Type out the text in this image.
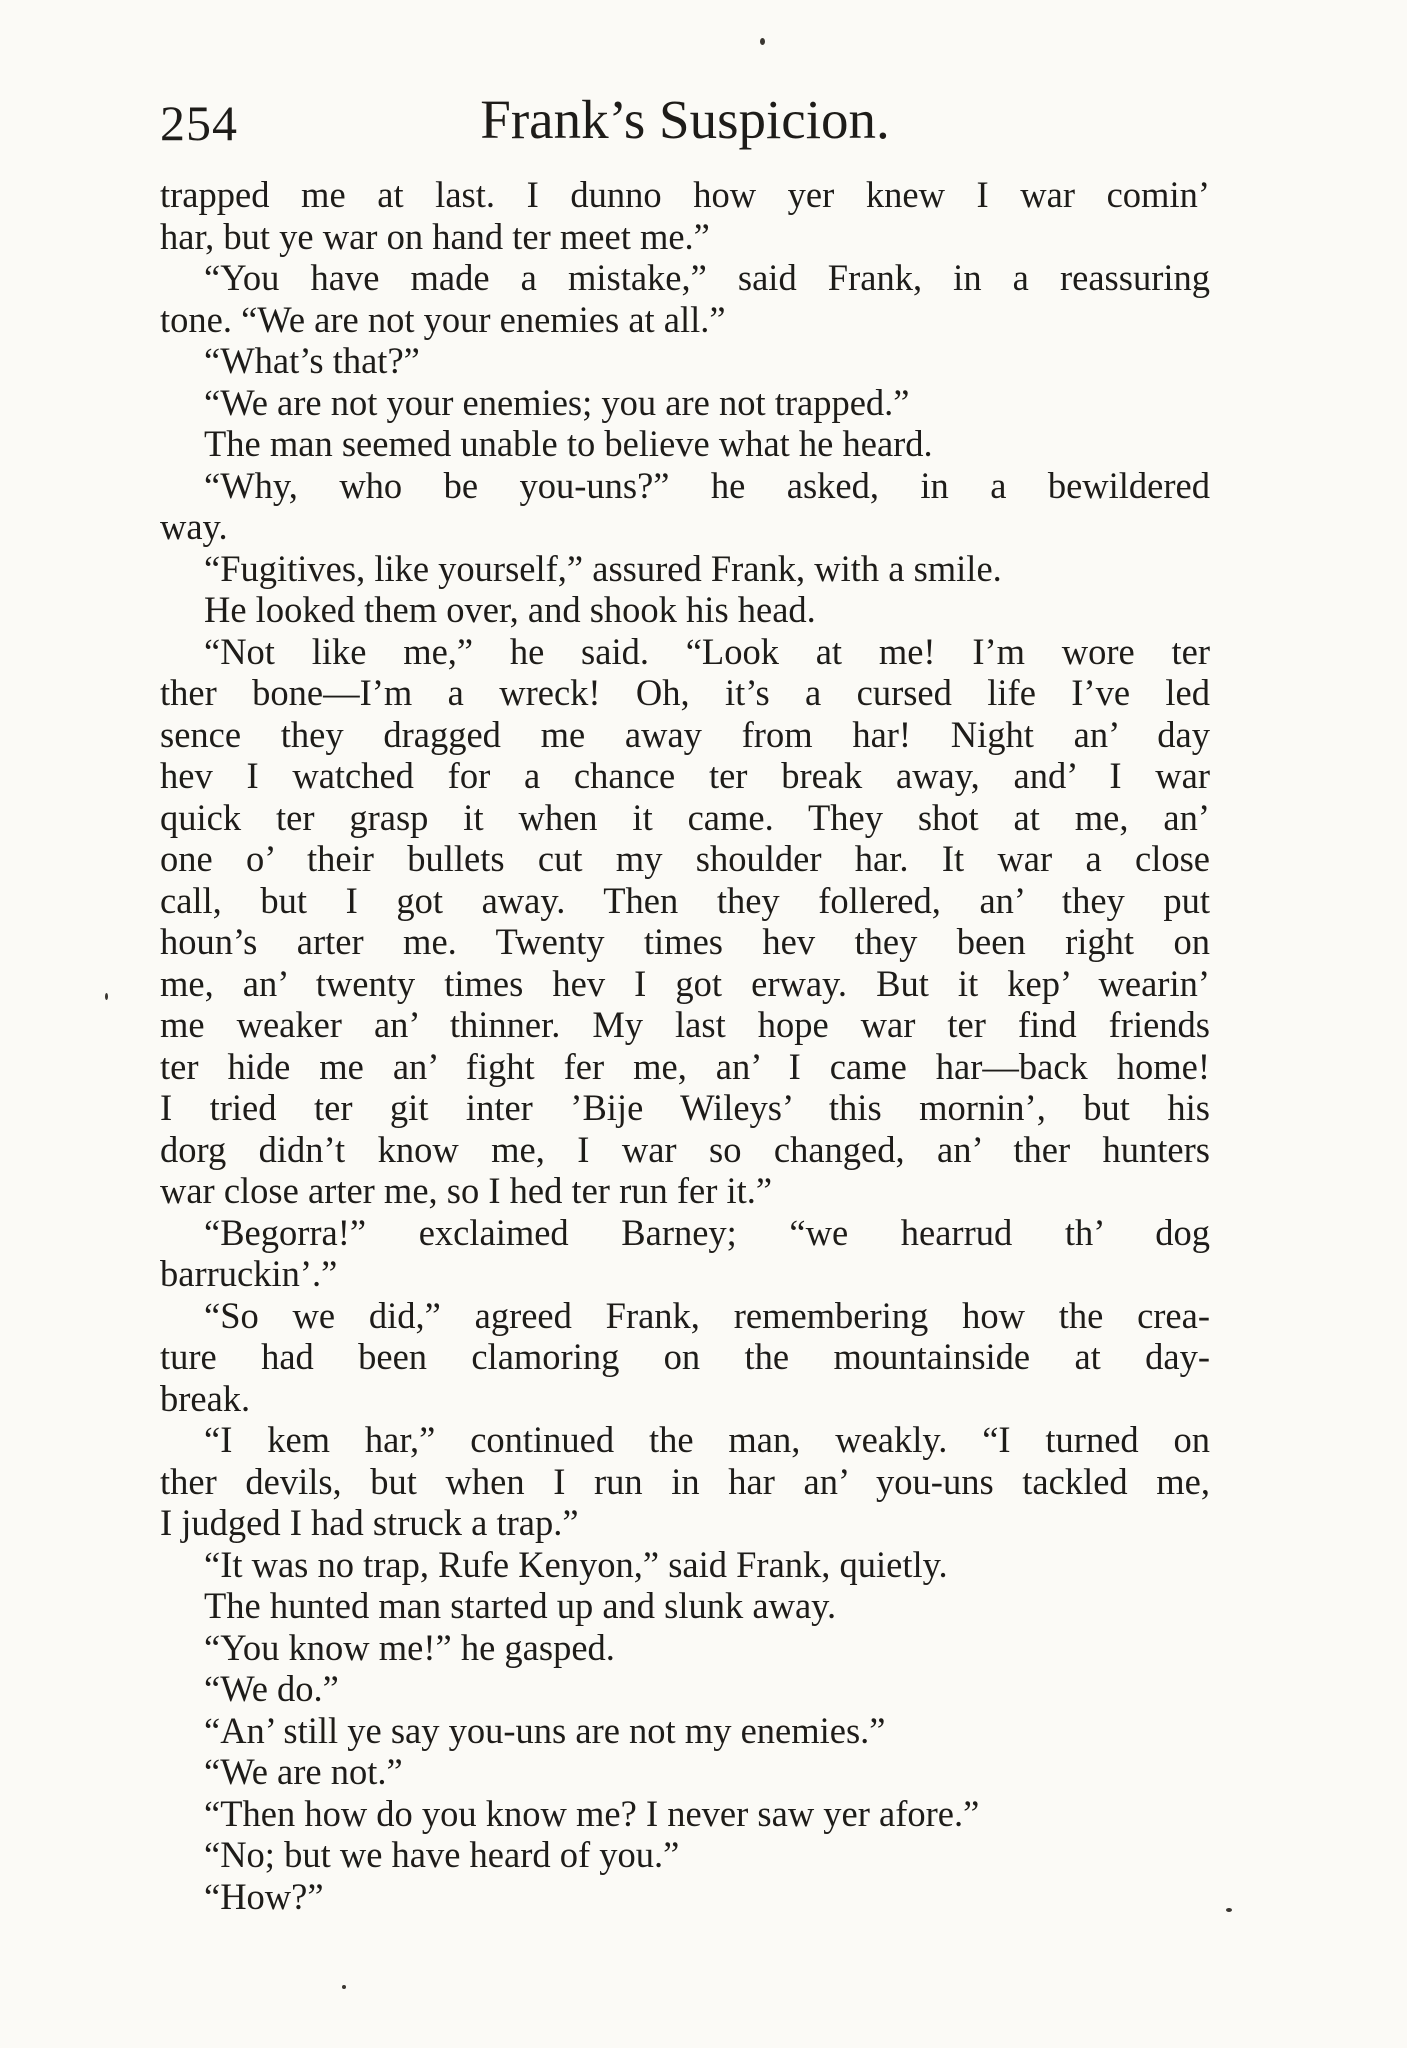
254	Frank’s Suspicion.
trapped me at last. I dunno how yer knew I war comin’
har, but ye war on hand ter meet me.”
“You have made a mistake,” said Frank, in a reassuring
tone. “We are not your enemies at all.”
“What’s that?”
“We are not your enemies; you are not trapped.”
The man seemed unable to believe what he heard.
“Why, who be you-uns?” he asked, in a bewildered
way.
“Fugitives, like yourself,” assured Frank, with a smile.
He looked them over, and shook his head.
“Not like me,” he said. “Look at me! I’m wore ter
ther bone—I’m a wreck! Oh, it’s a cursed life I’ve led
sence they dragged me away from har! Night an’ day
hev I watched for a chance ter break away, and’ I war
quick ter grasp it when it came. They shot at me, an’
one o’ their bullets cut my shoulder har. It war a close
call, but I got away. Then they follered, an’ they put
houn’s arter me. Twenty times hev they been right on
me, an’ twenty times hev I got erway. But it kep’ wearin’
me weaker an’ thinner. My last hope war ter find friends
ter hide me an’ fight fer me, an’ I came har—back home!
I tried ter git inter ’Bije Wileys’ this mornin’, but his
dorg didn’t know me, I war so changed, an’ ther hunters
war close arter me, so I hed ter run fer it.”
“Begorra!” exclaimed Barney; “we hearrud th’ dog
barruckin’.”
“So we did,” agreed Frank, remembering how the crea-
ture had been clamoring on the mountainside at day-
break.
“I kem har,” continued the man, weakly. “I turned on
ther devils, but when I run in har an’ you-uns tackled me,
I judged I had struck a trap.”
“It was no trap, Rufe Kenyon,” said Frank, quietly.
The hunted man started up and slunk away.
“You know me!” he gasped.
“We do.”
“An’ still ye say you-uns are not my enemies.”
“We are not.”
“Then how do you know me? I never saw yer afore.”
“No; but we have heard of you.”
“How?”
